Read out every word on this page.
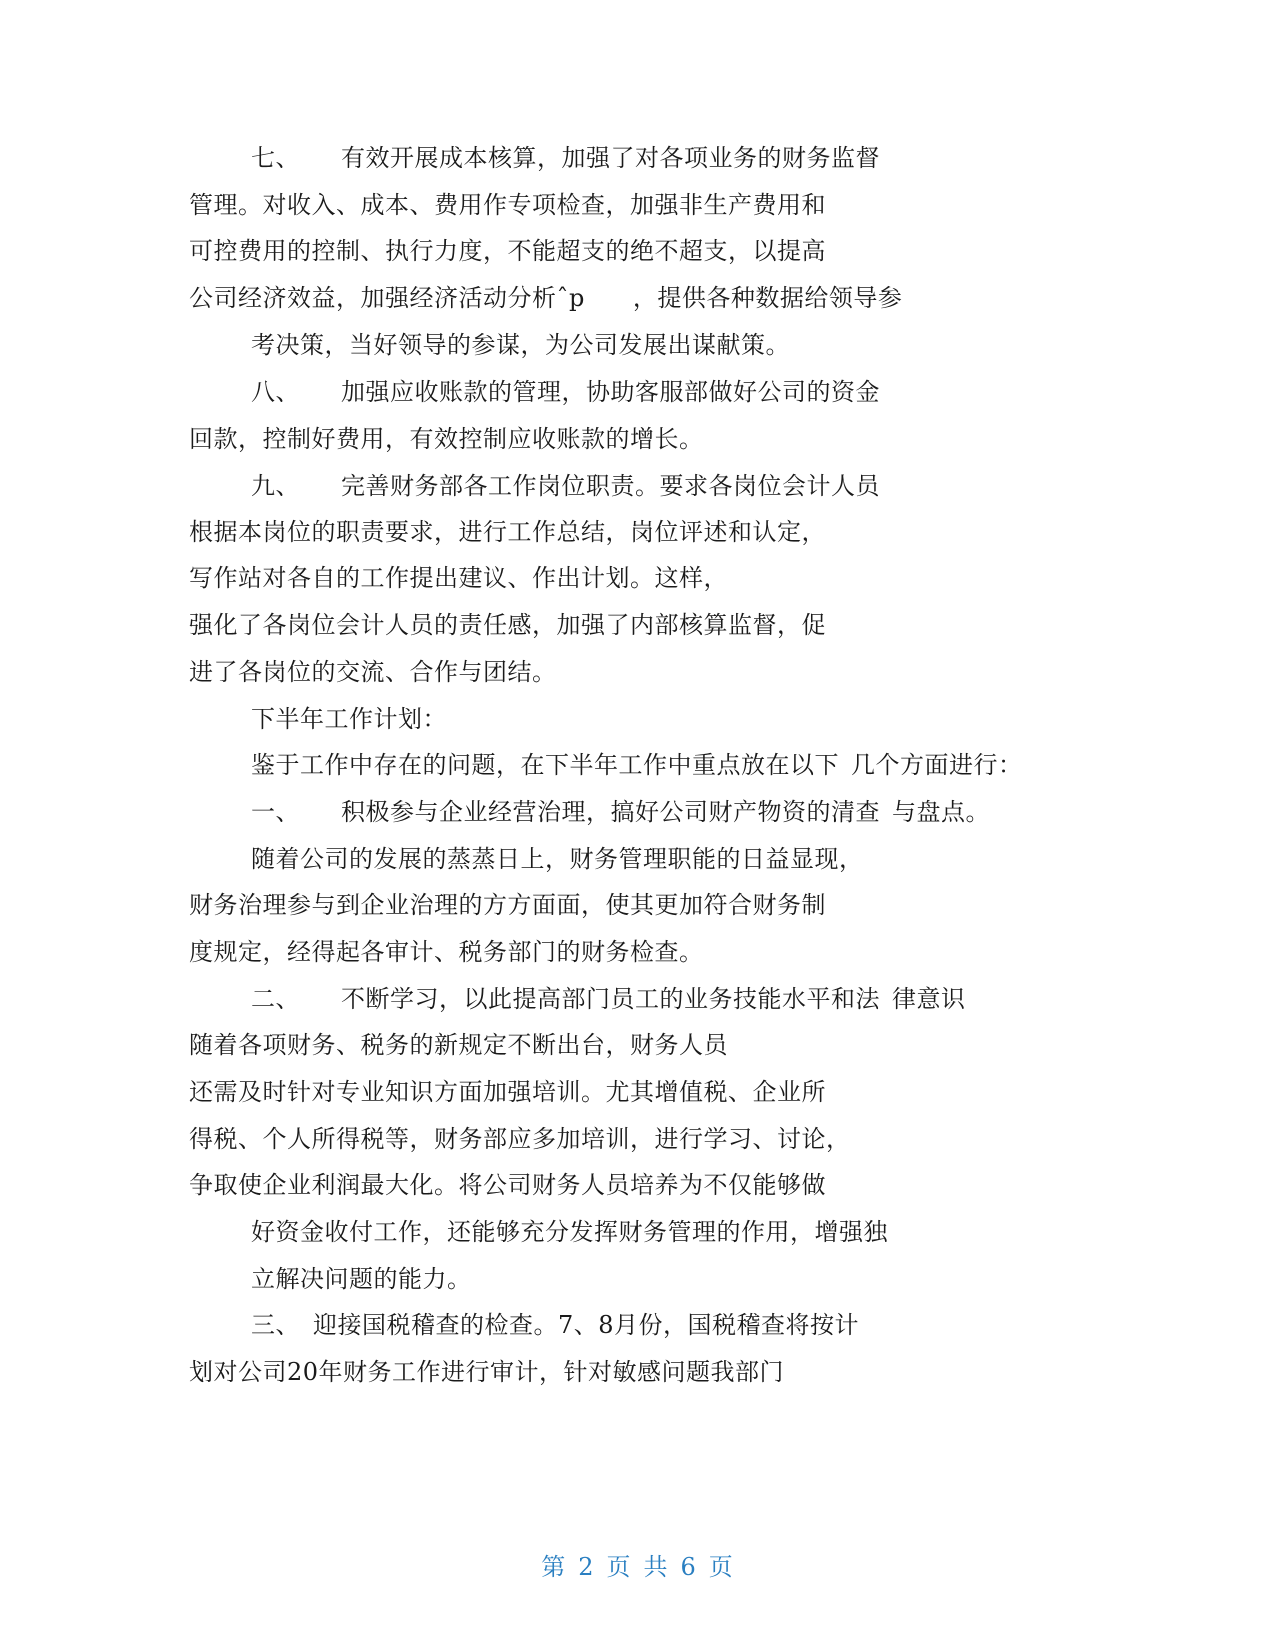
七、 有效开展成本核算，加强了对各项业务的财务监督
管理。对收入、成本、费用作专项检查，加强非生产费用和
可控费用的控制、执行力度，不能超支的绝不超支，以提高
公司经济效益，加强经济活动分析ˆp ，提供各种数据给领导参
考决策，当好领导的参谋，为公司发展出谋献策。
八、 加强应收账款的管理，协助客服部做好公司的资金
回款，控制好费用，有效控制应收账款的增长。
九、 完善财务部各工作岗位职责。要求各岗位会计人员
根据本岗位的职责要求，进行工作总结，岗位评述和认定，
写作站对各自的工作提出建议、作出计划。这样，
强化了各岗位会计人员的责任感，加强了内部核算监督，促
进了各岗位的交流、合作与团结。
下半年工作计划：
鉴于工作中存在的问题，在下半年工作中重点放在以下 几个方面进行：
一、 积极参与企业经营治理，搞好公司财产物资的清查 与盘点。
随着公司的发展的蒸蒸日上，财务管理职能的日益显现，
财务治理参与到企业治理的方方面面，使其更加符合财务制
度规定，经得起各审计、税务部门的财务检查。
二、 不断学习，以此提高部门员工的业务技能水平和法 律意识
随着各项财务、税务的新规定不断出台，财务人员
还需及时针对专业知识方面加强培训。尤其增值税、企业所
得税、个人所得税等，财务部应多加培训，进行学习、讨论，
争取使企业利润最大化。将公司财务人员培养为不仅能够做
好资金收付工作，还能够充分发挥财务管理的作用，增强独
立解决问题的能力。
三、 迎接国税稽查的检查。7、8月份，国税稽查将按计
划对公司20年财务工作进行审计，针对敏感问题我部门
第 2 页 共 6 页
